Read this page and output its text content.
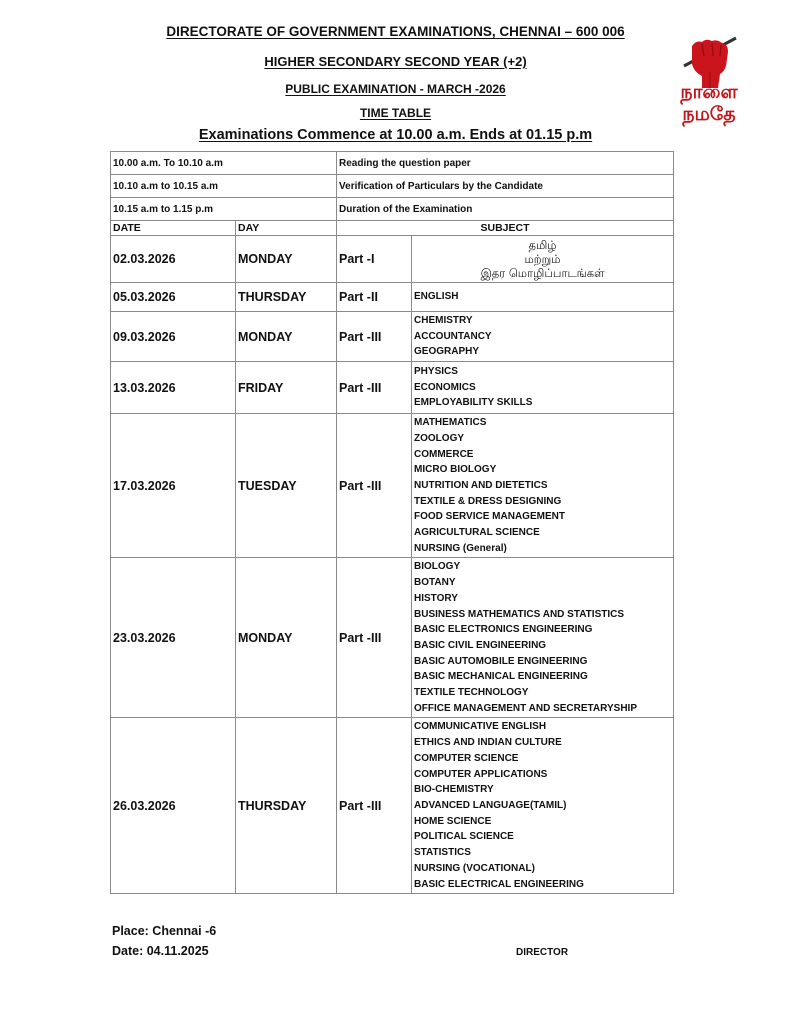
DIRECTORATE OF GOVERNMENT EXAMINATIONS, CHENNAI – 600 006
HIGHER SECONDARY SECOND YEAR (+2)
PUBLIC EXAMINATION - MARCH -2026
TIME TABLE
Examinations Commence at 10.00 a.m. Ends at 01.15 p.m
நாளை
நமதே
10.00 a.m. To 10.10 a.m		Reading the question paper	
10.10 a.m to 10.15 a.m		Verification of Particulars by the Candidate	
10.15 a.m to 1.15 p.m		Duration of the Examination	
DATE	DAY	SUBJECT	
02.03.2026	MONDAY	Part -I	தமிழ்
மற்றும்
இதர மொழிப்பாடங்கள்

05.03.2026	THURSDAY	Part -II	ENGLISH

09.03.2026	MONDAY	Part -III	CHEMISTRY
ACCOUNTANCY
GEOGRAPHY

13.03.2026	FRIDAY	Part -III	PHYSICS
ECONOMICS
EMPLOYABILITY SKILLS

17.03.2026	TUESDAY	Part -III	
MATHEMATICS
ZOOLOGY
COMMERCE
MICRO BIOLOGY
NUTRITION AND DIETETICS
TEXTILE & DRESS DESIGNING
FOOD SERVICE MANAGEMENT
AGRICULTURAL SCIENCE
NURSING (General)

23.03.2026	MONDAY	Part -III	
BIOLOGY
BOTANY
HISTORY
BUSINESS MATHEMATICS AND STATISTICS
BASIC ELECTRONICS ENGINEERING
BASIC CIVIL ENGINEERING
BASIC AUTOMOBILE ENGINEERING
BASIC MECHANICAL ENGINEERING
TEXTILE TECHNOLOGY
OFFICE MANAGEMENT AND SECRETARYSHIP

26.03.2026	THURSDAY	Part -III	
COMMUNICATIVE ENGLISH
ETHICS AND INDIAN CULTURE
COMPUTER SCIENCE
COMPUTER APPLICATIONS
BIO-CHEMISTRY
ADVANCED LANGUAGE(TAMIL)
HOME SCIENCE
POLITICAL SCIENCE
STATISTICS
NURSING (VOCATIONAL)
BASIC ELECTRICAL ENGINEERING
Place: Chennai -6
Date: 04.11.2025	DIRECTOR
